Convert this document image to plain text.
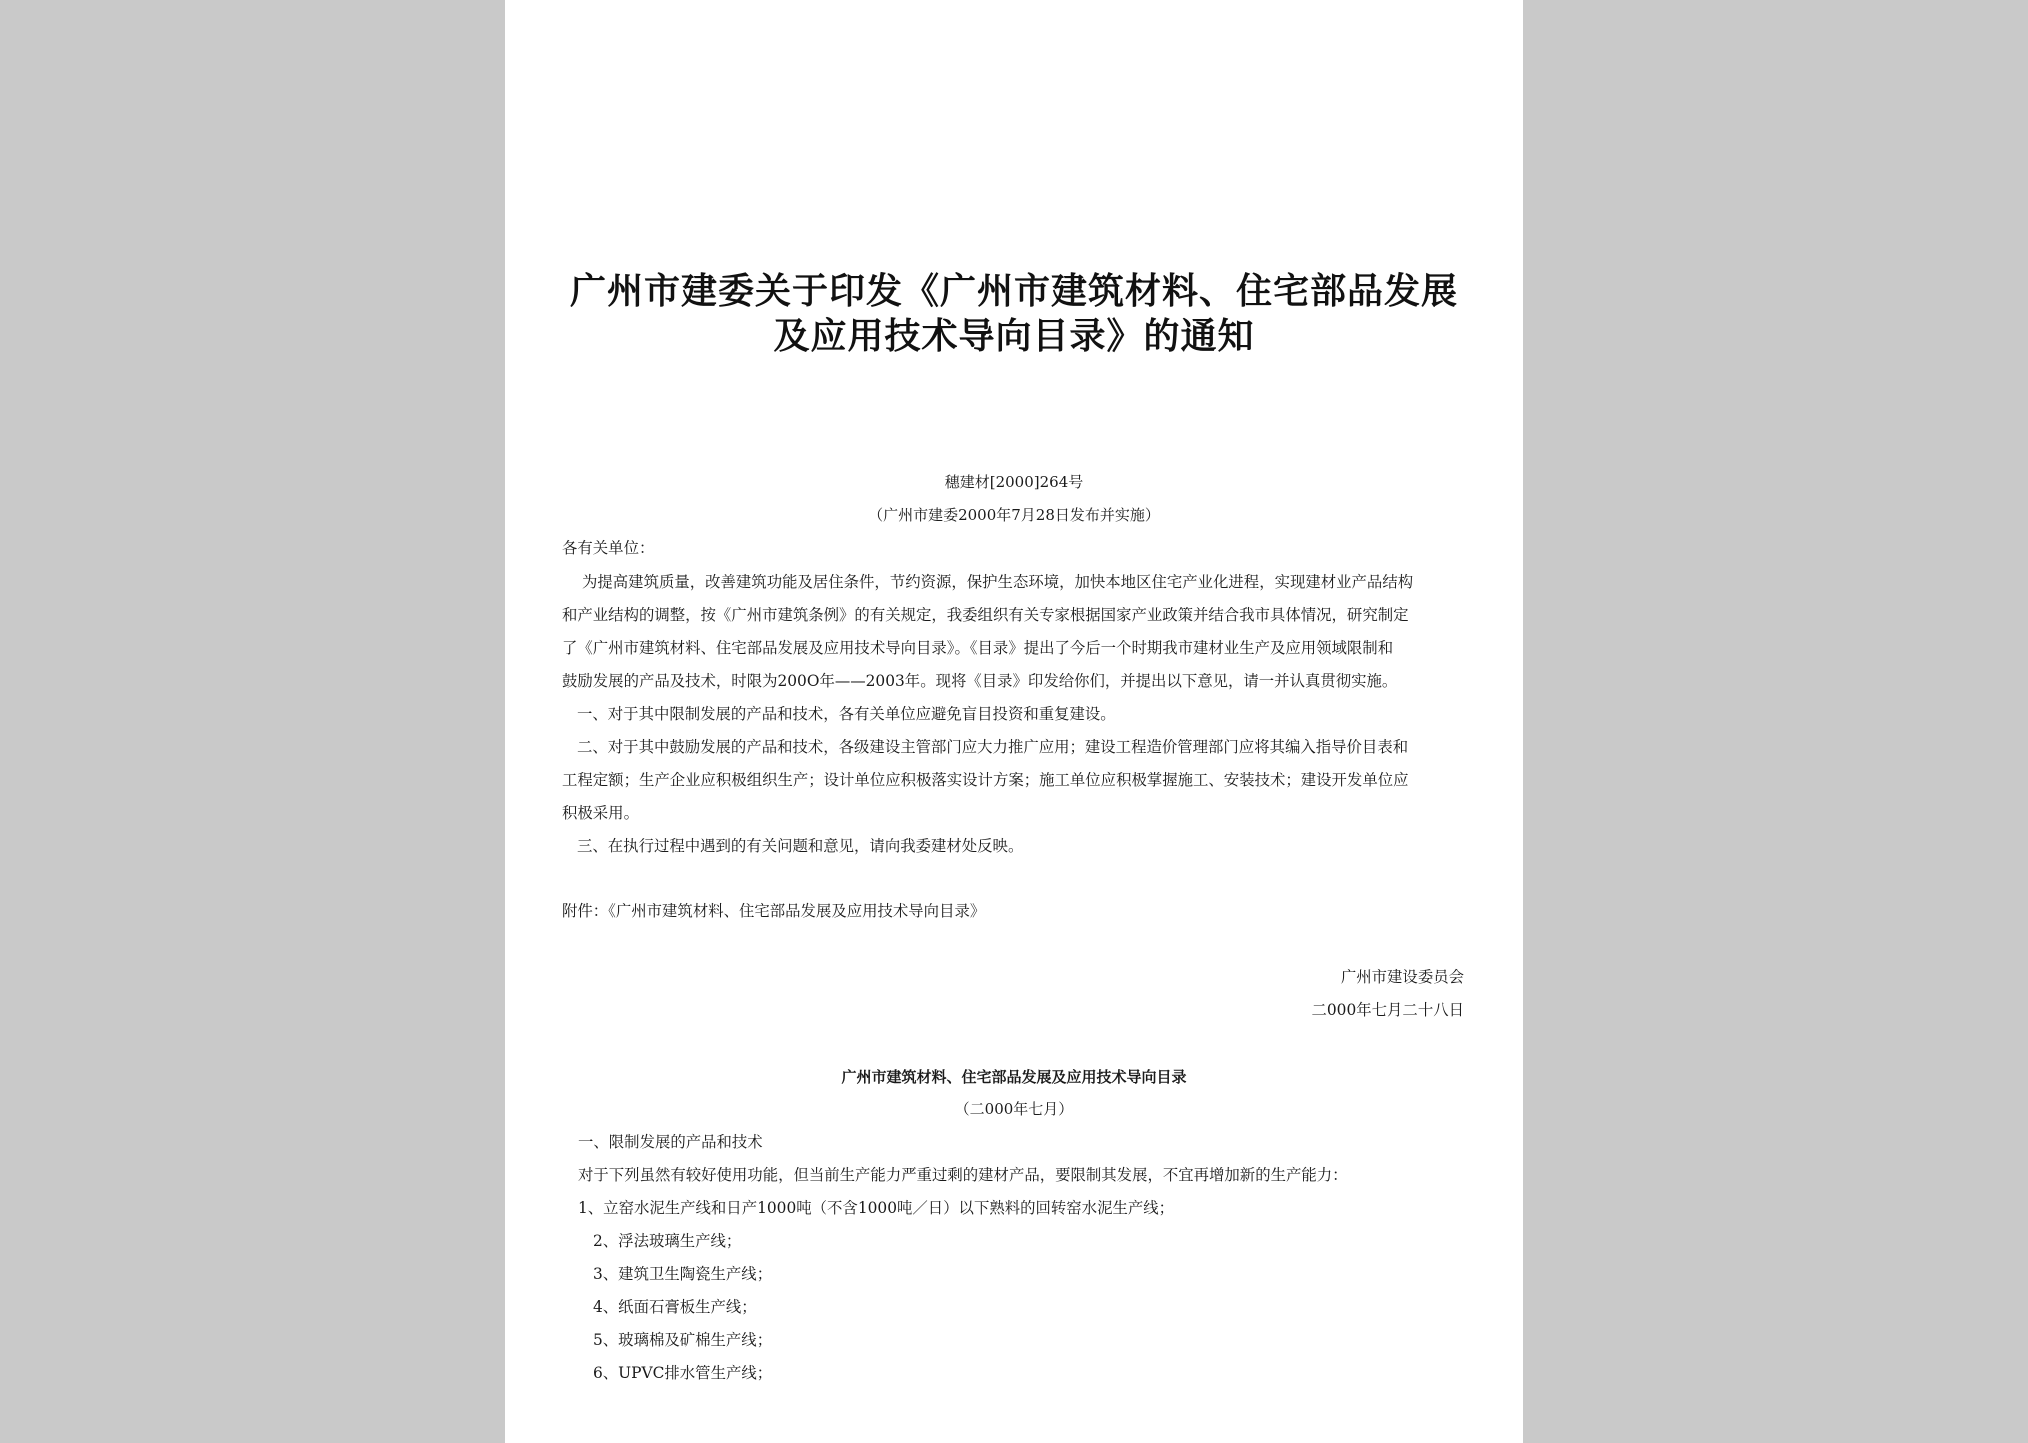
广州市建委关于印发《广州市建筑材料、住宅部品发展
及应用技术导向目录》的通知
穗建材[2000]264号
（广州市建委2000年7月28日发布并实施）
各有关单位：
为提高建筑质量，改善建筑功能及居住条件，节约资源，保护生态环境，加快本地区住宅产业化进程，实现建材业产品结构
和产业结构的调整，按《广州市建筑条例》的有关规定，我委组织有关专家根据国家产业政策并结合我市具体情况，研究制定
了《广州市建筑材料、住宅部品发展及应用技术导向目录》。《目录》提出了今后一个时期我市建材业生产及应用领域限制和
鼓励发展的产品及技术，时限为200O年——2003年。现将《目录》印发给你们，并提出以下意见，请一并认真贯彻实施。
一、对于其中限制发展的产品和技术，各有关单位应避免盲目投资和重复建设。
二、对于其中鼓励发展的产品和技术，各级建设主管部门应大力推广应用；建设工程造价管理部门应将其编入指导价目表和
工程定额；生产企业应积极组织生产；设计单位应积极落实设计方案；施工单位应积极掌握施工、安装技术；建设开发单位应
积极采用。
三、在执行过程中遇到的有关问题和意见，请向我委建材处反映。
附件：《广州市建筑材料、住宅部品发展及应用技术导向目录》
广州市建设委员会
二000年七月二十八日
广州市建筑材料、住宅部品发展及应用技术导向目录
（二000年七月）
一、限制发展的产品和技术
对于下列虽然有较好使用功能，但当前生产能力严重过剩的建材产品，要限制其发展，不宜再增加新的生产能力：
1、立窑水泥生产线和日产1000吨（不含1000吨／日）以下熟料的回转窑水泥生产线；
2、浮法玻璃生产线；
3、建筑卫生陶瓷生产线；
4、纸面石膏板生产线；
5、玻璃棉及矿棉生产线；
6、UPVC排水管生产线；
